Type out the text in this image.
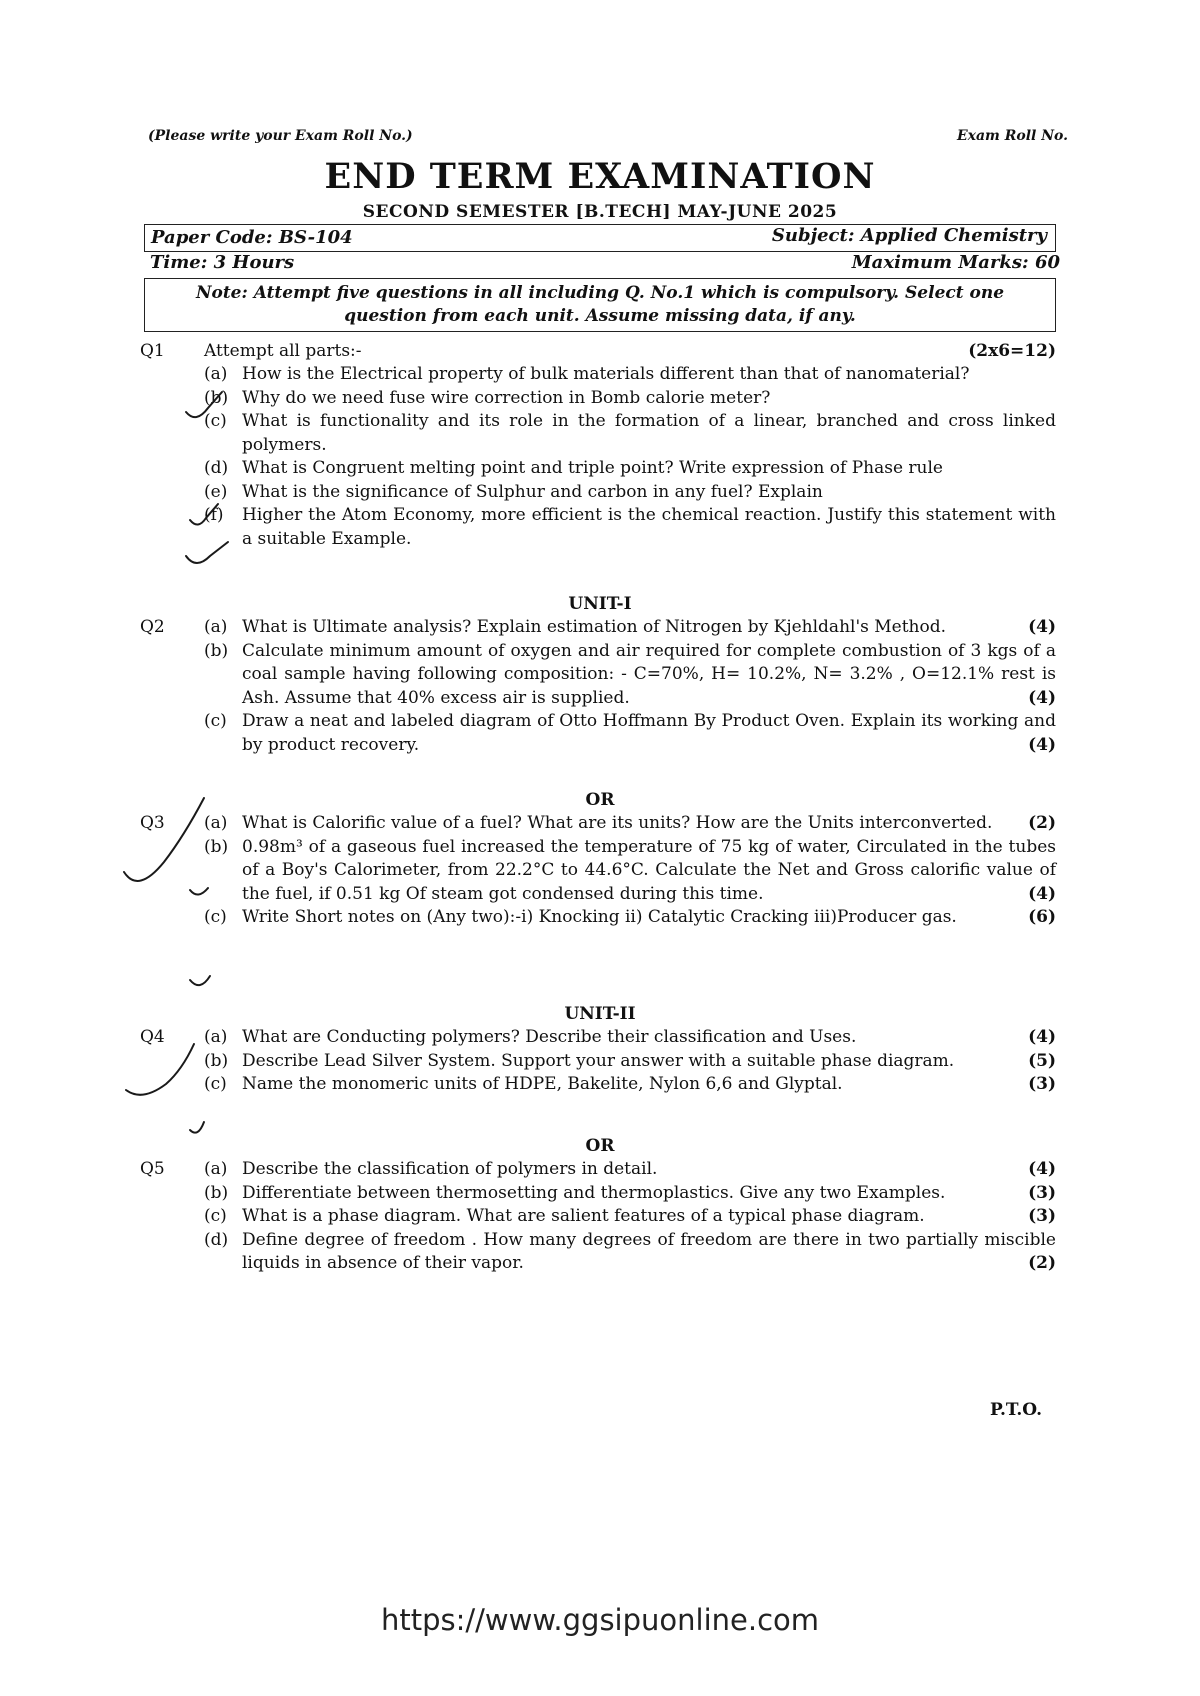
(Please write your Exam Roll No.)	Exam Roll No.
END TERM EXAMINATION
SECOND SEMESTER [B.TECH] MAY-JUNE 2025
Paper Code: BS-104	Subject: Applied Chemistry
Time: 3 Hours	Maximum Marks: 60
Note: Attempt five questions in all including Q. No.1 which is compulsory. Select one question from each unit. Assume missing data, if any.
Q1 Attempt all parts:-	(2x6=12)
(a) How is the Electrical property of bulk materials different than that of nanomaterial?
(b) Why do we need fuse wire correction in Bomb calorie meter?
(c) What is functionality and its role in the formation of a linear, branched and cross linked polymers.
(d) What is Congruent melting point and triple point? Write expression of Phase rule
(e) What is the significance of Sulphur and carbon in any fuel? Explain
(f) Higher the Atom Economy, more efficient is the chemical reaction. Justify this statement with a suitable Example.
UNIT-I
Q2 (a) What is Ultimate analysis? Explain estimation of Nitrogen by Kjehldahl's Method.	(4)
(b) Calculate minimum amount of oxygen and air required for complete combustion of 3 kgs of a coal sample having following composition: - C=70%, H= 10.2%, N= 3.2% , O=12.1% rest is Ash. Assume that 40% excess air is supplied.	(4)
(c) Draw a neat and labeled diagram of Otto Hoffmann By Product Oven. Explain its working and by product recovery.	(4)
OR
Q3 (a) What is Calorific value of a fuel? What are its units? How are the Units interconverted. (2)
(b) 0.98m³ of a gaseous fuel increased the temperature of 75 kg of water, Circulated in the tubes of a Boy's Calorimeter, from 22.2°C to 44.6°C. Calculate the Net and Gross calorific value of the fuel, if 0.51 kg Of steam got condensed during this time.	(4)
(c) Write Short notes on (Any two):-i) Knocking ii) Catalytic Cracking iii)Producer gas.	(6)
UNIT-II
Q4 (a) What are Conducting polymers? Describe their classification and Uses.	(4)
(b) Describe Lead Silver System. Support your answer with a suitable phase diagram.	(5)
(c) Name the monomeric units of HDPE, Bakelite, Nylon 6,6 and Glyptal.	(3)
OR
Q5 (a) Describe the classification of polymers in detail.	(4)
(b) Differentiate between thermosetting and thermoplastics. Give any two Examples.	(3)
(c) What is a phase diagram. What are salient features of a typical phase diagram.	(3)
(d) Define degree of freedom . How many degrees of freedom are there in two partially miscible liquids in absence of their vapor.	(2)
P.T.O.
https://www.ggsipuonline.com
